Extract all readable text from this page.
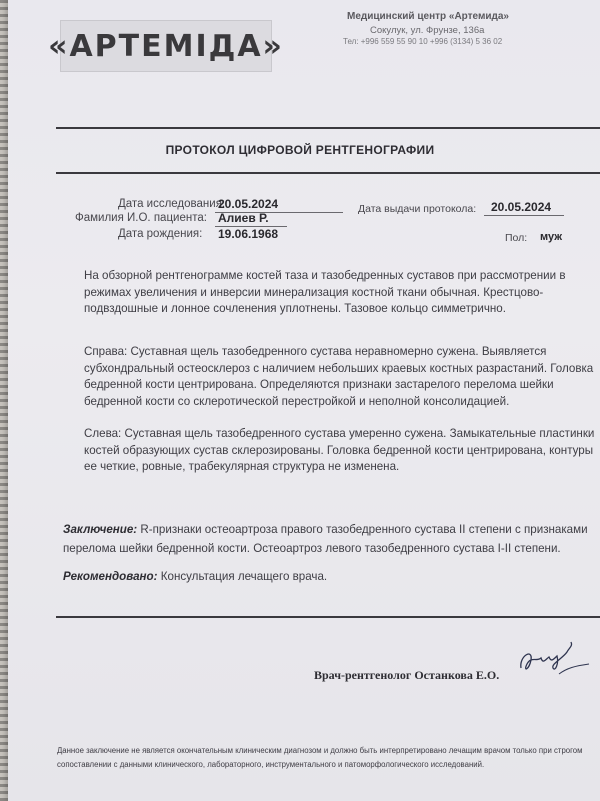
«АРТЕМІДА»
Медицинский центр «Артемида»
Сокулук, ул. Фрунзе, 136а
Тел: +996 559 55 90 10 +996 (3134) 5 36 02
ПРОТОКОЛ ЦИФРОВОЙ РЕНТГЕНОГРАФИИ
Дата исследования:
20.05.2024
Фамилия И.О. пациента: Алиев Р.
Дата рождения: 19.06.1968
Дата выдачи протокола: 20.05.2024
Пол: муж

На обзорной рентгенограмме костей таза и тазобедренных суставов при рассмотрении в режимах увеличения и инверсии минерализация костной ткани обычная. Крестцово-подвздошные и лонное сочленения уплотнены. Тазовое кольцо симметрично.

Справа: Суставная щель тазобедренного сустава неравномерно сужена. Выявляется субхондральный остеосклероз с наличием небольших краевых костных разрастаний. Головка бедренной кости центрирована. Определяются признаки застарелого перелома шейки бедренной кости со склеротической перестройкой и неполной консолидацией.

Слева: Суставная щель тазобедренного сустава умеренно сужена. Замыкательные пластинки костей образующих сустав склерозированы. Головка бедренной кости центрирована, контуры ее четкие, ровные, трабекулярная структура не изменена.

Заключение: R-признаки остеоартроза правого тазобедренного сустава II степени с признаками перелома шейки бедренной кости. Остеоартроз левого тазобедренного сустава I-II степени.

Рекомендовано: Консультация лечащего врача.

Врач-рентгенолог Останкова Е.О.

Данное заключение не является окончательным клиническим диагнозом и должно быть интерпретировано лечащим врачом только при строгом сопоставлении с данными клинического, лабораторного, инструментального и патоморфологического исследований.
